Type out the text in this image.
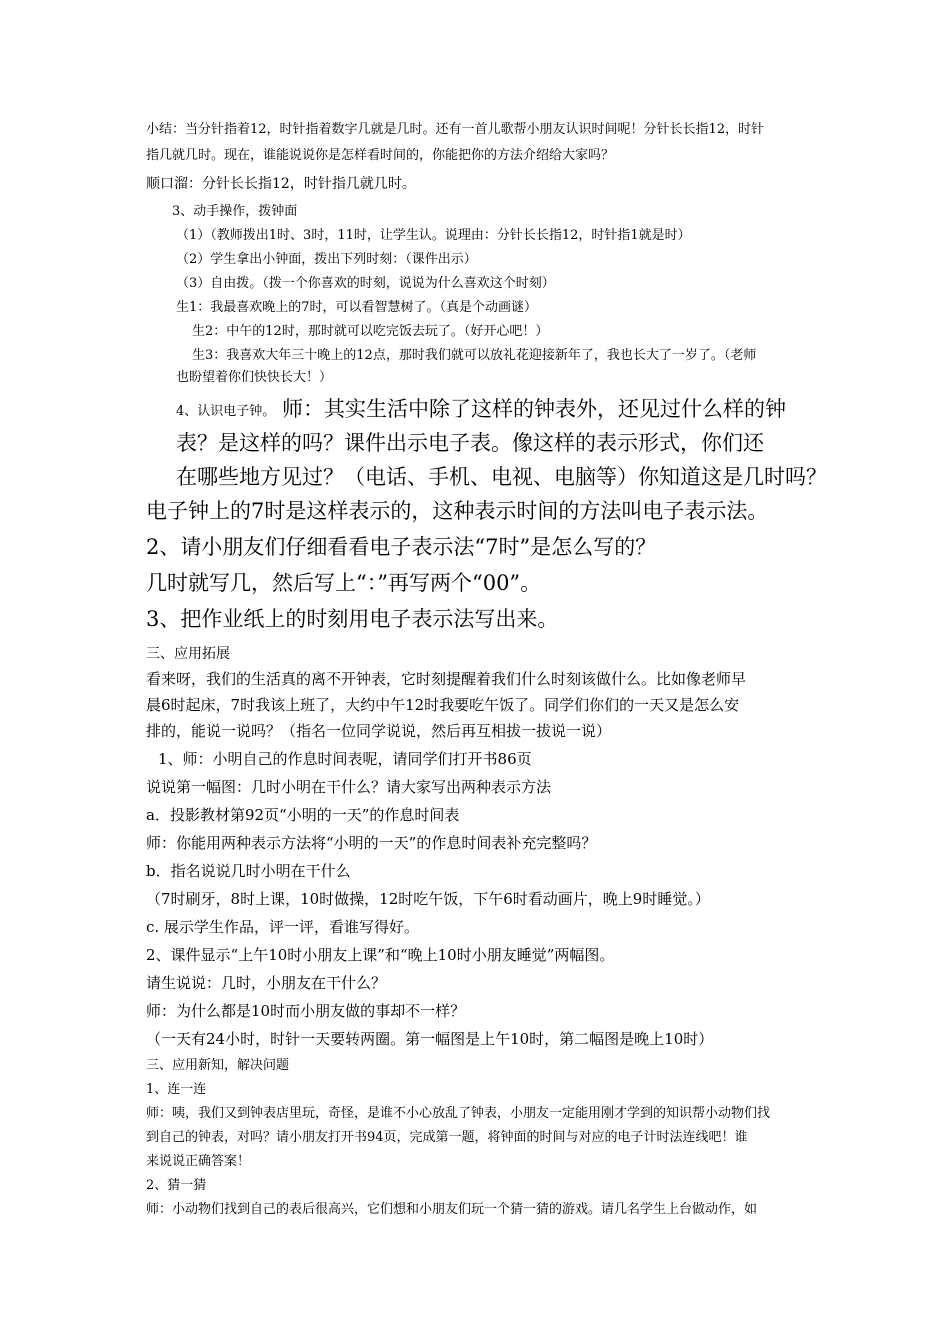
小结：当分针指着12，时针指着数字几就是几时。还有一首儿歌帮小朋友认识时间呢！分针长长指12，时针
指几就几时。现在，谁能说说你是怎样看时间的，你能把你的方法介绍给大家吗？
顺口溜：分针长长指12，时针指几就几时。
3、动手操作，拨钟面
（1）（教师拨出1时、3时，11时，让学生认。说理由：分针长长指12，时针指1就是时）
（2）学生拿出小钟面，拨出下列时刻：（课件出示）
（3）自由拨。（拨一个你喜欢的时刻，说说为什么喜欢这个时刻）
生1：我最喜欢晚上的7时，可以看智慧树了。（真是个动画谜）
生2：中午的12时，那时就可以吃完饭去玩了。（好开心吧！）
生3：我喜欢大年三十晚上的12点，那时我们就可以放礼花迎接新年了，我也长大了一岁了。（老师
也盼望着你们快快长大！）
4、认识电子钟。 师：其实生活中除了这样的钟表外，还见过什么样的钟
表？是这样的吗？课件出示电子表。像这样的表示形式，你们还
在哪些地方见过？（电话、手机、电视、电脑等）你知道这是几时吗？
电子钟上的7时是这样表示的，这种表示时间的方法叫电子表示法。
2、请小朋友们仔细看看电子表示法“7时”是怎么写的？
几时就写几，然后写上“：”再写两个“00”。
3、把作业纸上的时刻用电子表示法写出来。
三、应用拓展
看来呀，我们的生活真的离不开钟表，它时刻提醒着我们什么时刻该做什么。比如像老师早
晨6时起床，7时我该上班了，大约中午12时我要吃午饭了。同学们你们的一天又是怎么安
排的，能说一说吗？（指名一位同学说说，然后再互相拔一拔说一说）
1、师：小明自己的作息时间表呢，请同学们打开书86页
说说第一幅图：几时小明在干什么？请大家写出两种表示方法
a．投影教材第92页“小明的一天”的作息时间表
师：你能用两种表示方法将“小明的一天”的作息时间表补充完整吗？
b．指名说说几时小明在干什么
（7时刷牙，8时上课，10时做操，12时吃午饭，下午6时看动画片，晚上9时睡觉。）
c. 展示学生作品，评一评，看谁写得好。
2、课件显示“上午10时小朋友上课”和“晚上10时小朋友睡觉”两幅图。
请生说说：几时，小朋友在干什么？
师：为什么都是10时而小朋友做的事却不一样？
（一天有24小时，时针一天要转两圈。第一幅图是上午10时，第二幅图是晚上10时）
三、应用新知，解决问题
1、连一连
师：咦，我们又到钟表店里玩，奇怪，是谁不小心放乱了钟表，小朋友一定能用刚才学到的知识帮小动物们找
到自己的钟表，对吗？请小朋友打开书94页，完成第一题，将钟面的时间与对应的电子计时法连线吧！谁
来说说正确答案！
2、猜一猜
师：小动物们找到自己的表后很高兴，它们想和小朋友们玩一个猜一猜的游戏。请几名学生上台做动作，如
